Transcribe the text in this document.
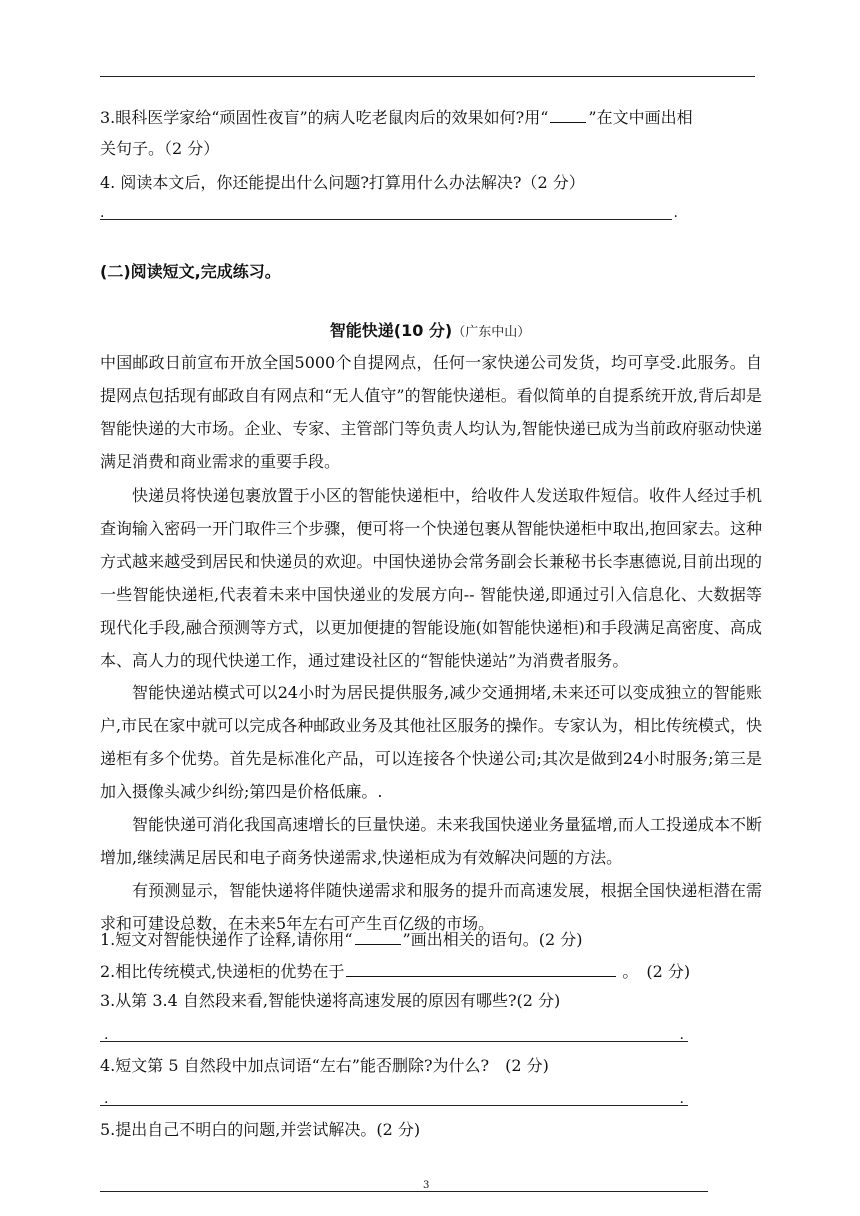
3.眼科医学家给“顽固性夜盲”的病人吃老鼠肉后的效果如何?用“	”在文中画出相
关句子。（2 分）
4. 阅读本文后，你还能提出什么问题?打算用什么办法解决?（2 分）
.	.
(二)阅读短文,完成练习。
智能快递(10 分)（广东中山）
中国邮政日前宣布开放全国5000个自提网点，任何一家快递公司发货，均可享受.此服务。自提网点包括现有邮政自有网点和“无人值守”的智能快递柜。看似简单的自提系统开放,背后却是智能快递的大市场。企业、专家、主管部门等负责人均认为,智能快递已成为当前政府驱动快递满足消费和商业需求的重要手段。
快递员将快递包裹放置于小区的智能快递柜中，给收件人发送取件短信。收件人经过手机查询输入密码一开门取件三个步骤，便可将一个快递包裹从智能快递柜中取出,抱回家去。这种方式越来越受到居民和快递员的欢迎。中国快递协会常务副会长兼秘书长李惠德说,目前出现的一些智能快递柜,代表着未来中国快递业的发展方向-- 智能快递,即通过引入信息化、大数据等现代化手段,融合预测等方式，以更加便捷的智能设施(如智能快递柜)和手段满足高密度、高成本、高人力的现代快递工作，通过建设社区的“智能快递站”为消费者服务。
智能快递站模式可以24小时为居民提供服务,减少交通拥堵,未来还可以变成独立的智能账户,市民在家中就可以完成各种邮政业务及其他社区服务的操作。专家认为，相比传统模式，快递柜有多个优势。首先是标准化产品，可以连接各个快递公司;其次是做到24小时服务;第三是加入摄像头减少纠纷;第四是价格低廉。.
智能快递可消化我国高速增长的巨量快递。未来我国快递业务量猛增,而人工投递成本不断增加,继续满足居民和电子商务快递需求,快递柜成为有效解决问题的方法。
有预测显示，智能快递将伴随快递需求和服务的提升而高速发展，根据全国快递柜潜在需求和可建设总数，在未来5年左右可产生百亿级的市场。
1.短文对智能快递作了诠释,请你用“	”画出相关的语句。(2 分)
2.相比传统模式,快递柜的优势在于	。　(2 分)
3.从第 3.4 自然段来看,智能快递将高速发展的原因有哪些?(2 分)
.	.
4.短文第 5 自然段中加点词语“左右”能否删除?为什么?　(2 分)
.	.
5.提出自己不明白的问题,并尝试解决。(2 分)
3
